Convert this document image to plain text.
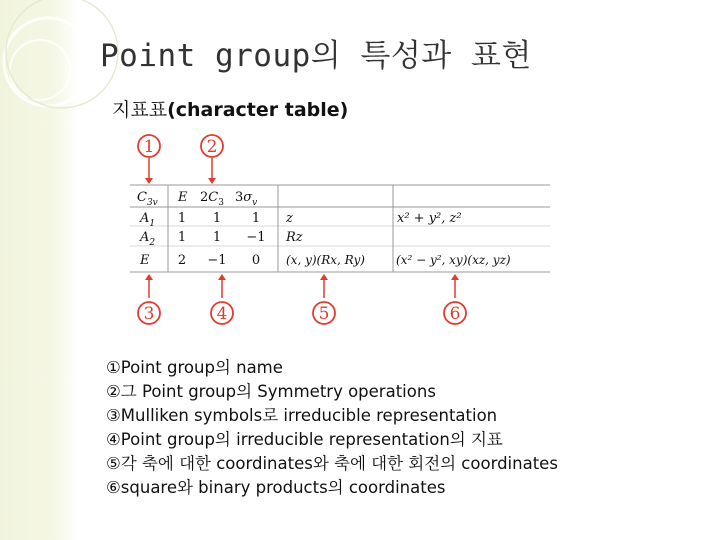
Point group의 특성과 표현
지표표(character table)
1	2
$C_{3v}$ E $2C_3$ $3\sigma_v$
$A_1$ 1 1 1 z	x² + y², z²
$A_2$ 1 1 −1 Rz
E 2 −1 0 (x, y)(Rx, Ry)	(x² − y², xy)(xz, yz)
3	4	5	6
①Point group의 name
②그 Point group의 Symmetry operations
③Mulliken symbols로 irreducible representation
④Point group의 irreducible representation의 지표
⑤각 축에 대한 coordinates와 축에 대한 회전의 coordinates
⑥square와 binary products의 coordinates
